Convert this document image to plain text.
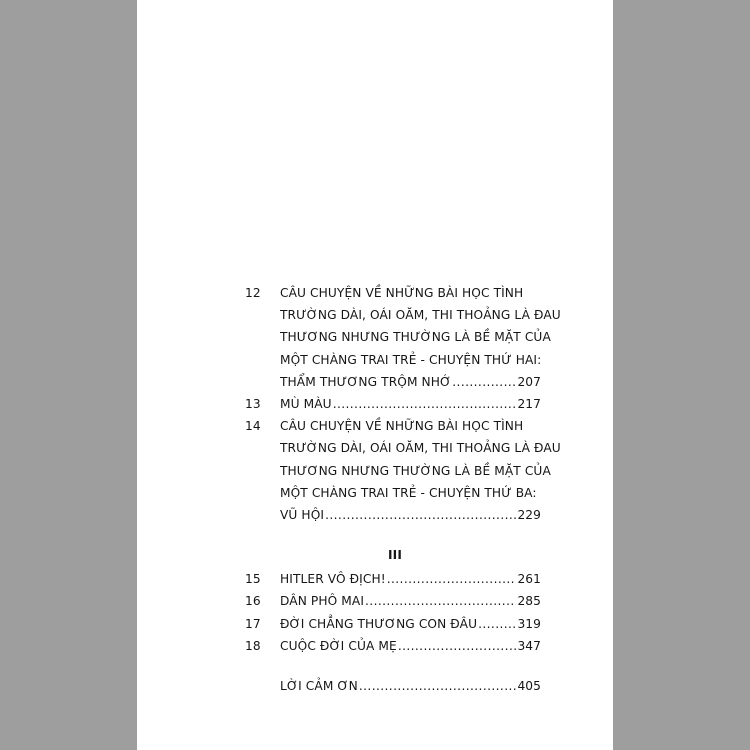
12	CÂU CHUYỆN VỀ NHỮNG BÀI HỌC TÌNH
TRƯỜNG DÀI, OÁI OĂM, THI THOẢNG LÀ ĐAU
THƯƠNG NHƯNG THƯỜNG LÀ BỀ MẶT CỦA
MỘT CHÀNG TRAI TRẺ - CHUYỆN THỨ HAI:
THẨM THƯƠNG TRỘM NHỚ .....	207
13	MÙ MÀU .....	217
14	CÂU CHUYỆN VỀ NHỮNG BÀI HỌC TÌNH
TRƯỜNG DÀI, OÁI OĂM, THI THOẢNG LÀ ĐAU
THƯƠNG NHƯNG THƯỜNG LÀ BỀ MẶT CỦA
MỘT CHÀNG TRAI TRẺ - CHUYỆN THỨ BA:
VŨ HỘI .....	229
III
15	HITLER VÔ ĐỊCH! .....	261
16	DÂN PHÔ MAI .....	285
17	ĐỜI CHẲNG THƯƠNG CON ĐÂU .....	319
18	CUỘC ĐỜI CỦA MẸ .....	347
LỜI CẢM ƠN .....	405
